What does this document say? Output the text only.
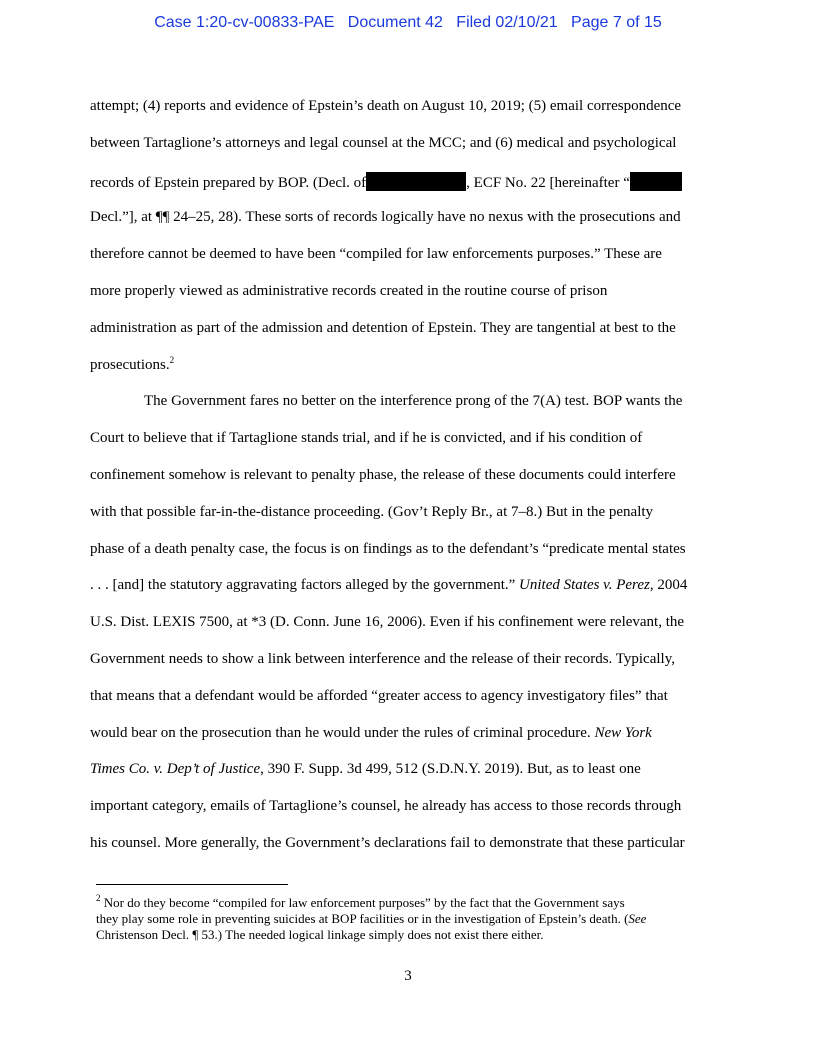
Case 1:20-cv-00833-PAE Document 42 Filed 02/10/21 Page 7 of 15
attempt; (4) reports and evidence of Epstein’s death on August 10, 2019; (5) email correspondence
between Tartaglione’s attorneys and legal counsel at the MCC; and (6) medical and psychological
records of Epstein prepared by BOP. (Decl. of	, ECF No. 22 [hereinafter “
Decl.”], at ¶¶ 24–25, 28). These sorts of records logically have no nexus with the prosecutions and
therefore cannot be deemed to have been “compiled for law enforcements purposes.” These are
more properly viewed as administrative records created in the routine course of prison
administration as part of the admission and detention of Epstein. They are tangential at best to the
prosecutions.$^2$
The Government fares no better on the interference prong of the 7(A) test. BOP wants the
Court to believe that if Tartaglione stands trial, and if he is convicted, and if his condition of
confinement somehow is relevant to penalty phase, the release of these documents could interfere
with that possible far-in-the-distance proceeding. (Gov’t Reply Br., at 7–8.) But in the penalty
phase of a death penalty case, the focus is on findings as to the defendant’s “predicate mental states
. . . [and] the statutory aggravating factors alleged by the government.” United States v. Perez, 2004
U.S. Dist. LEXIS 7500, at *3 (D. Conn. June 16, 2006). Even if his confinement were relevant, the
Government needs to show a link between interference and the release of their records. Typically,
that means that a defendant would be afforded “greater access to agency investigatory files” that
would bear on the prosecution than he would under the rules of criminal procedure. New York
Times Co. v. Dep’t of Justice, 390 F. Supp. 3d 499, 512 (S.D.N.Y. 2019). But, as to least one
important category, emails of Tartaglione’s counsel, he already has access to those records through
his counsel. More generally, the Government’s declarations fail to demonstrate that these particular
$^2$ Nor do they become “compiled for law enforcement purposes” by the fact that the Government says
they play some role in preventing suicides at BOP facilities or in the investigation of Epstein’s death. (See
Christenson Decl. ¶ 53.) The needed logical linkage simply does not exist there either.
3
